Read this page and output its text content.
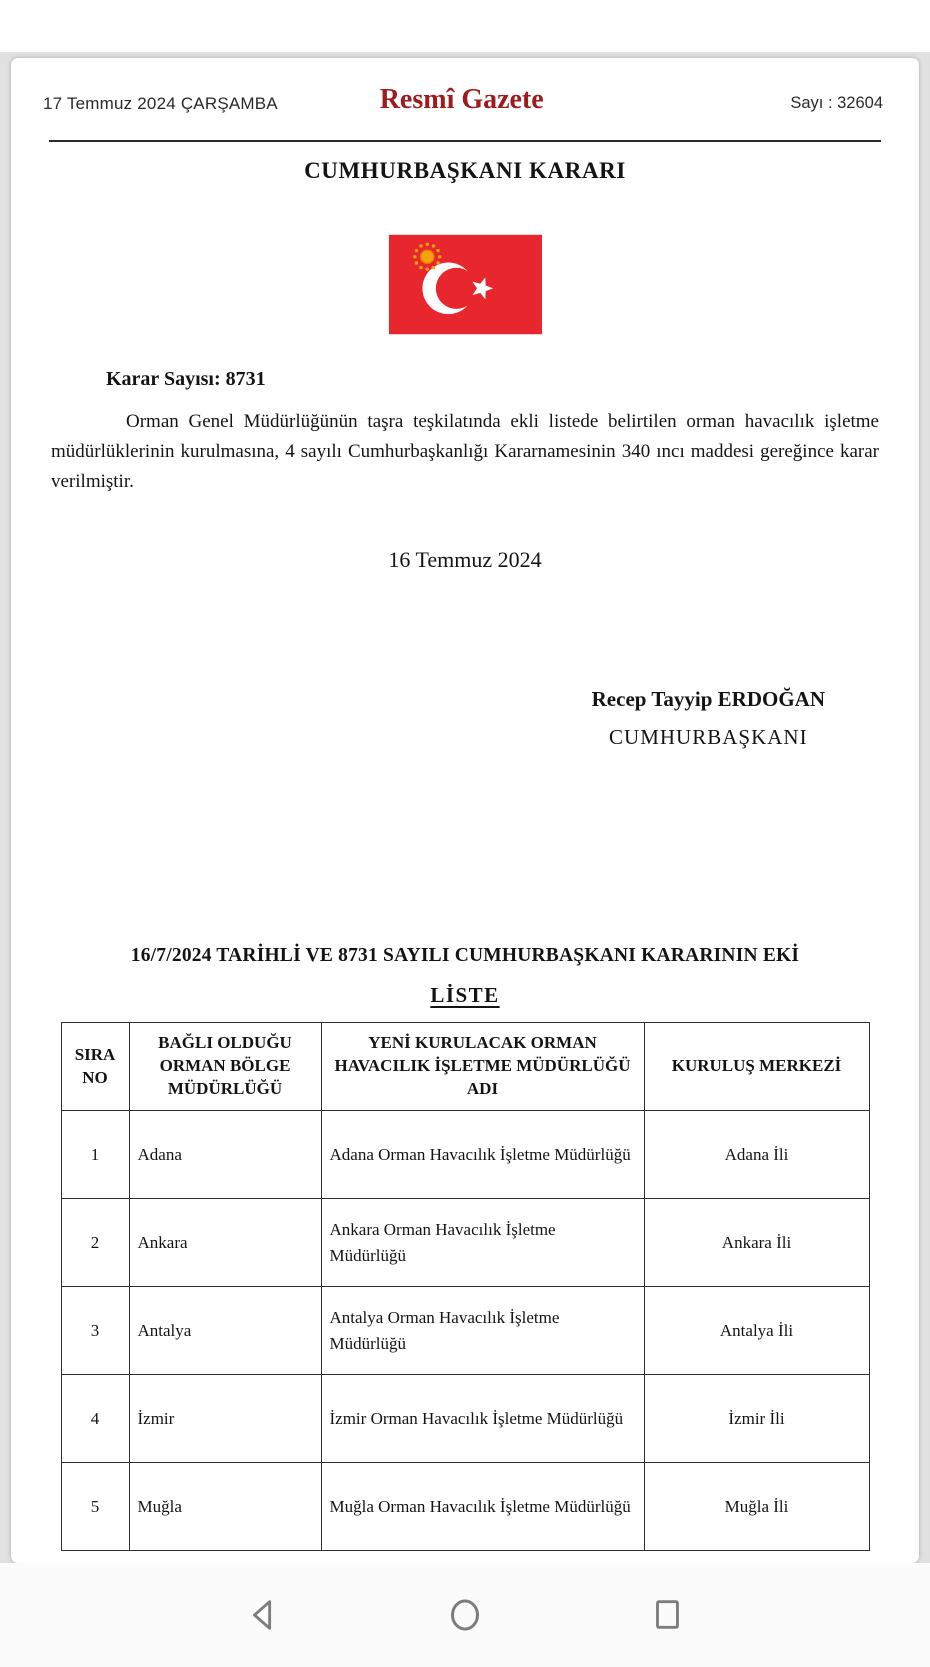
17 Temmuz 2024 ÇARŞAMBA	Resmî Gazete	Sayı : 32604
CUMHURBAŞKANI KARARI
Karar Sayısı: 8731

Orman Genel Müdürlüğünün taşra teşkilatında ekli listede belirtilen orman havacılık işletme müdürlüklerinin kurulmasına, 4 sayılı Cumhurbaşkanlığı Kararnamesinin 340 ıncı maddesi gereğince karar verilmiştir.

16 Temmuz 2024
Recep Tayyip ERDOĞAN
CUMHURBAŞKANI
16/7/2024 TARİHLİ VE 8731 SAYILI CUMHURBAŞKANI KARARININ EKİ
LİSTE
SIRA NO	BAĞLI OLDUĞU ORMAN BÖLGE MÜDÜRLÜĞÜ	YENİ KURULACAK ORMAN HAVACILIK İŞLETME MÜDÜRLÜĞÜ ADI	KURULUŞ MERKEZİ
1	Adana	Adana Orman Havacılık İşletme Müdürlüğü	Adana İli
2	Ankara	Ankara Orman Havacılık İşletme Müdürlüğü	Ankara İli
3	Antalya	Antalya Orman Havacılık İşletme Müdürlüğü	Antalya İli
4	İzmir	İzmir Orman Havacılık İşletme Müdürlüğü	İzmir İli
5	Muğla	Muğla Orman Havacılık İşletme Müdürlüğü	Muğla İli
